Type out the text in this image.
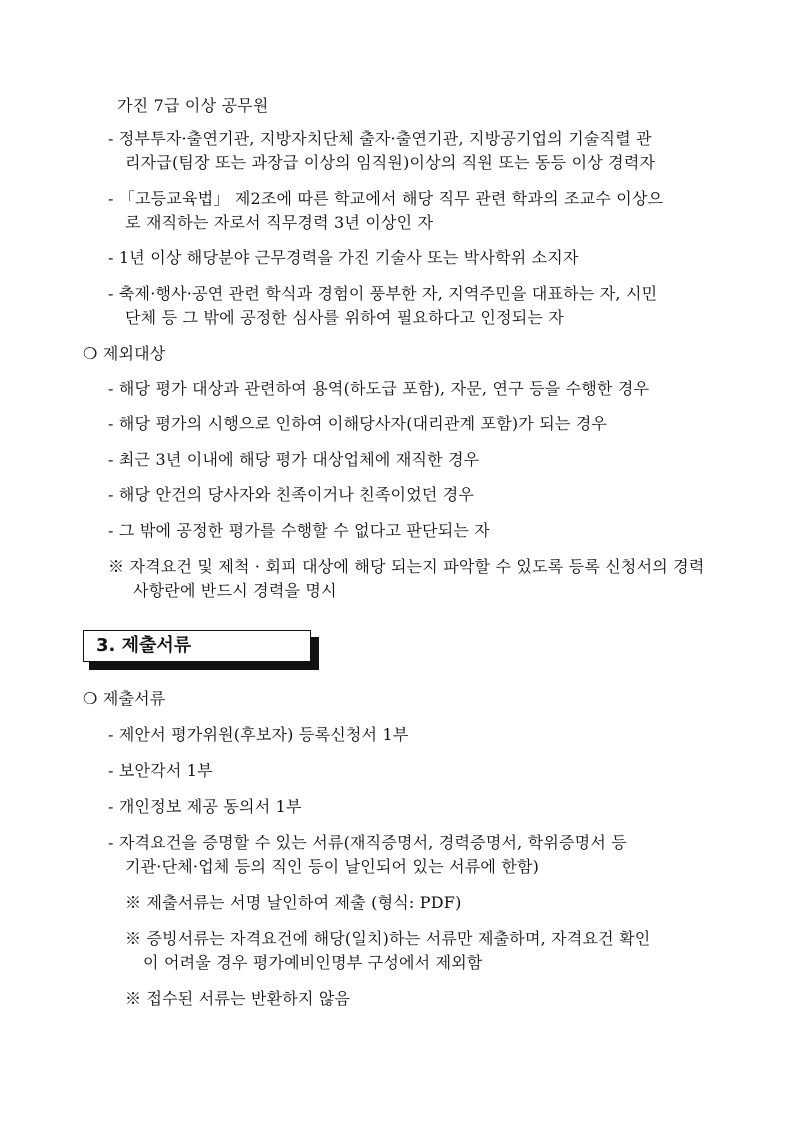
3. 제출서류
가진 7급 이상 공무원
- 정부투자·출연기관, 지방자치단체 출자·출연기관, 지방공기업의 기술직렬 관
리자급(팀장 또는 과장급 이상의 임직원)이상의 직원 또는 동등 이상 경력자
- 「고등교육법」 제2조에 따른 학교에서 해당 직무 관련 학과의 조교수 이상으
로 재직하는 자로서 직무경력 3년 이상인 자
- 1년 이상 해당분야 근무경력을 가진 기술사 또는 박사학위 소지자
- 축제·행사·공연 관련 학식과 경험이 풍부한 자, 지역주민을 대표하는 자, 시민
단체 등 그 밖에 공정한 심사를 위하여 필요하다고 인정되는 자
❍ 제외대상
- 해당 평가 대상과 관련하여 용역(하도급 포함), 자문, 연구 등을 수행한 경우
- 해당 평가의 시행으로 인하여 이해당사자(대리관계 포함)가 되는 경우
- 최근 3년 이내에 해당 평가 대상업체에 재직한 경우
- 해당 안건의 당사자와 친족이거나 친족이었던 경우
- 그 밖에 공정한 평가를 수행할 수 없다고 판단되는 자
※ 자격요건 및 제척 · 회피 대상에 해당 되는지 파악할 수 있도록 등록 신청서의 경력
사항란에 반드시 경력을 명시
❍ 제출서류
- 제안서 평가위원(후보자) 등록신청서 1부
- 보안각서 1부
- 개인정보 제공 동의서 1부
- 자격요건을 증명할 수 있는 서류(재직증명서, 경력증명서, 학위증명서 등
기관·단체·업체 등의 직인 등이 날인되어 있는 서류에 한함)
※ 제출서류는 서명 날인하여 제출 (형식: PDF)
※ 증빙서류는 자격요건에 해당(일치)하는 서류만 제출하며, 자격요건 확인
이 어려울 경우 평가예비인명부 구성에서 제외함
※ 접수된 서류는 반환하지 않음
